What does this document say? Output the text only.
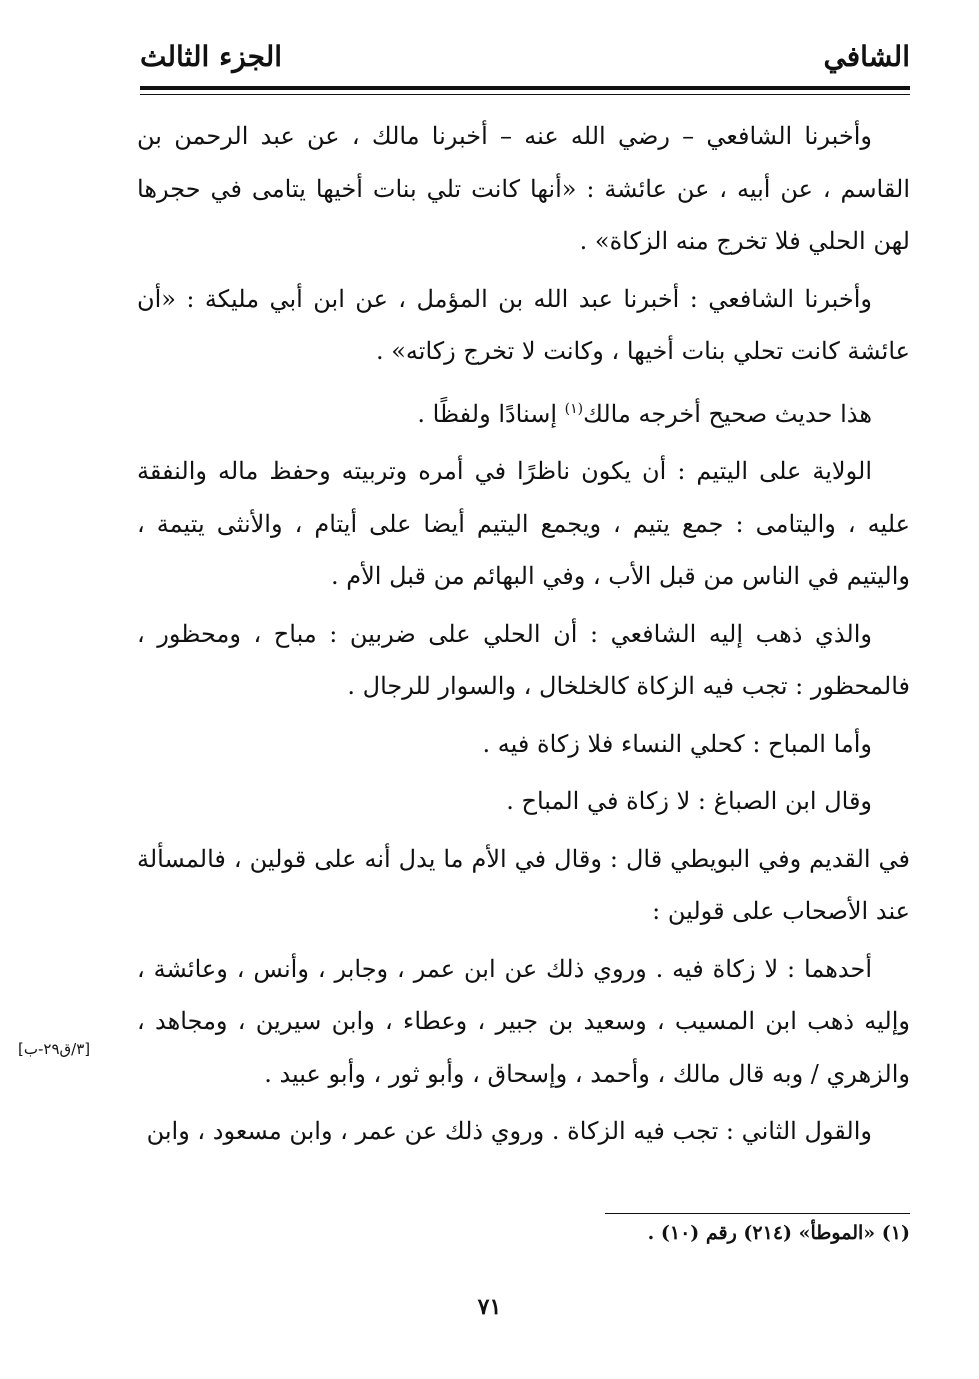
الشافي
الجزء الثالث

وأخبرنا الشافعي – رضي الله عنه – أخبرنا مالك ، عن عبد الرحمن بن القاسم ، عن أبيه ، عن عائشة : «أنها كانت تلي بنات أخيها يتامى في حجرها لهن الحلي فلا تخرج منه الزكاة» .

وأخبرنا الشافعي : أخبرنا عبد الله بن المؤمل ، عن ابن أبي مليكة : «أن عائشة كانت تحلي بنات أخيها ، وكانت لا تخرج زكاته» .

هذا حديث صحيح أخرجه مالك$^{(١)}$ إسنادًا ولفظًا .

الولاية على اليتيم : أن يكون ناظرًا في أمره وتربيته وحفظ ماله والنفقة عليه ، واليتامى : جمع يتيم ، ويجمع اليتيم أيضا على أيتام ، والأنثى يتيمة ، واليتيم في الناس من قبل الأب ، وفي البهائم من قبل الأم .

والذي ذهب إليه الشافعي : أن الحلي على ضربين : مباح ، ومحظور ، فالمحظور : تجب فيه الزكاة كالخلخال ، والسوار للرجال .

وأما المباح : كحلي النساء فلا زكاة فيه .

وقال ابن الصباغ : لا زكاة في المباح .

في القديم وفي البويطي قال : وقال في الأم ما يدل أنه على قولين ، فالمسألة عند الأصحاب على قولين :

أحدهما : لا زكاة فيه . وروي ذلك عن ابن عمر ، وجابر ، وأنس ، وعائشة ، وإليه ذهب ابن المسيب ، وسعيد بن جبير ، وعطاء ، وابن سيرين ، ومجاهد ، والزهري / وبه قال مالك ، وأحمد ، وإسحاق ، وأبو ثور ، وأبو عبيد .

والقول الثاني : تجب فيه الزكاة . وروي ذلك عن عمر ، وابن مسعود ، وابن

[٣/ق٢٩-ب]
(١) «الموطأ» (٢١٤) رقم (١٠) .
٧١
